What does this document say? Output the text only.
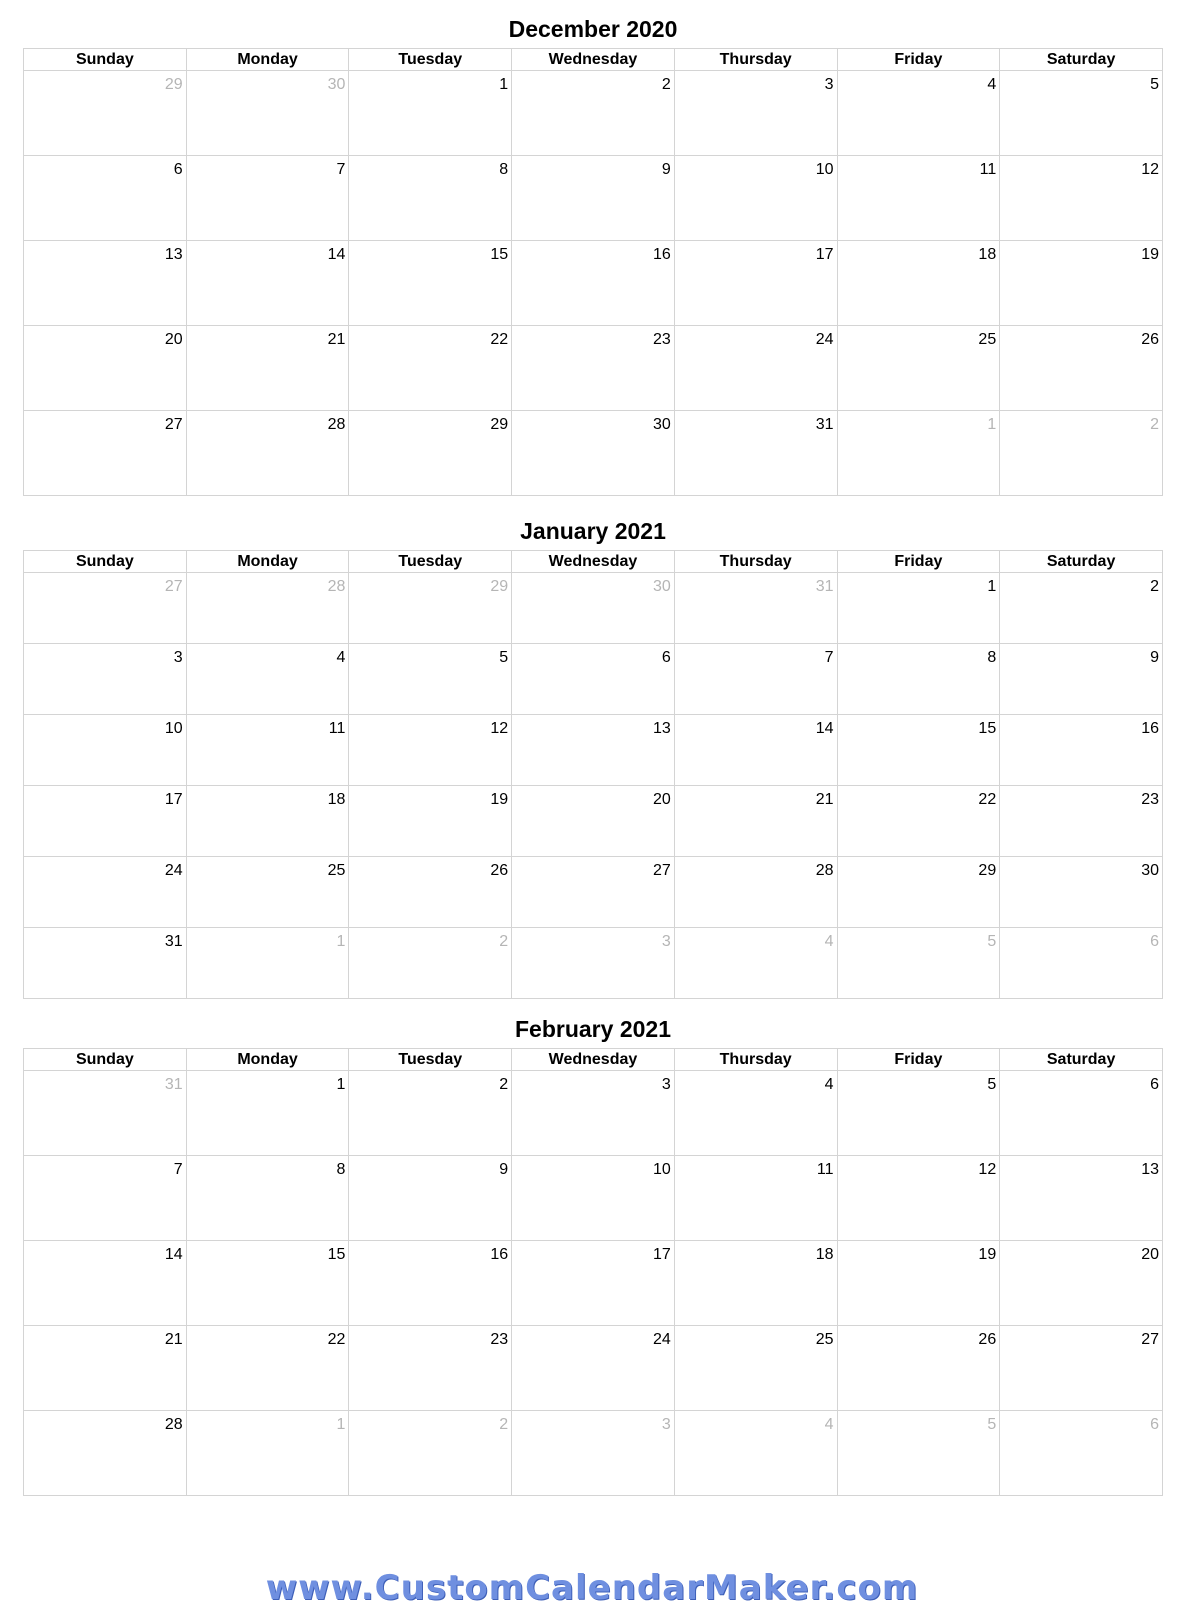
December 2020
Sunday	Monday	Tuesday	Wednesday	Thursday	Friday	Saturday
29	30	1	2	3	4	5
6	7	8	9	10	11	12
13	14	15	16	17	18	19
20	21	22	23	24	25	26
27	28	29	30	31	1	2
January 2021
Sunday	Monday	Tuesday	Wednesday	Thursday	Friday	Saturday
27	28	29	30	31	1	2
3	4	5	6	7	8	9
10	11	12	13	14	15	16
17	18	19	20	21	22	23
24	25	26	27	28	29	30
31	1	2	3	4	5	6
February 2021
Sunday	Monday	Tuesday	Wednesday	Thursday	Friday	Saturday
31	1	2	3	4	5	6
7	8	9	10	11	12	13
14	15	16	17	18	19	20
21	22	23	24	25	26	27
28	1	2	3	4	5	6
www.CustomCalendarMaker.com
